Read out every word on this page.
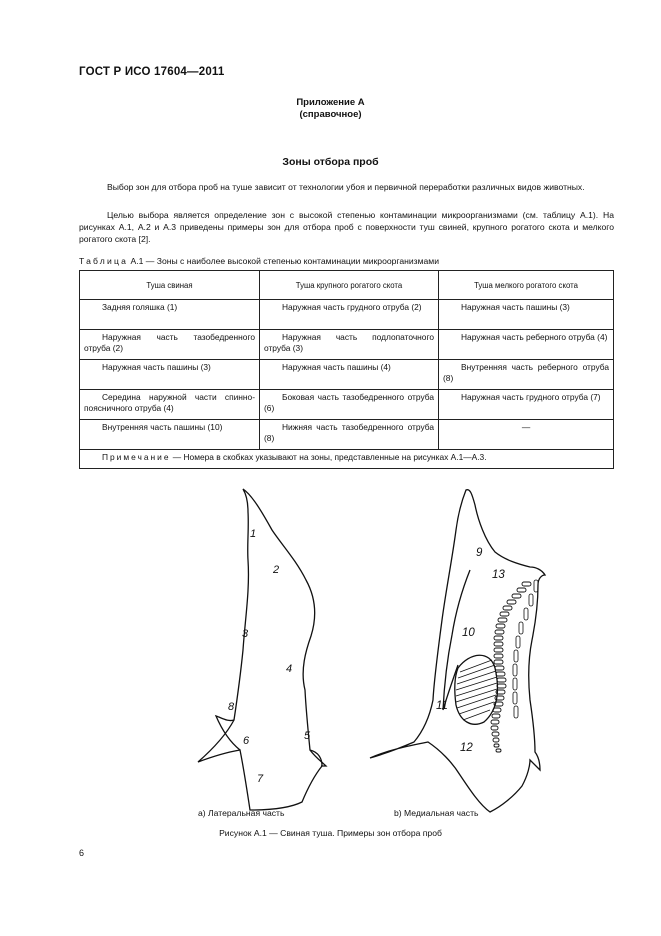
ГОСТ Р ИСО 17604—2011
Приложение А
(справочное)
Зоны отбора проб
Выбор зон для отбора проб на туше зависит от технологии убоя и первичной переработки различных видов животных.
Целью выбора является определение зон с высокой степенью контаминации микроорганизмами (см. таблицу А.1). На рисунках А.1, А.2 и А.3 приведены примеры зон для отбора проб с поверхности туш свиней, крупного рогатого скота и мелкого рогатого скота [2].
Таблица А.1 — Зоны с наиболее высокой степенью контаминации микроорганизмами
Туша свиная	Туша крупного рогатого скота	Туша мелкого рогатого скота
Задняя голяшка (1)	Наружная часть грудного отруба (2)	Наружная часть пашины (3)
Наружная часть тазобедренного отруба (2)	Наружная часть подлопаточного отруба (3)	Наружная часть реберного отруба (4)
Наружная часть пашины (3)	Наружная часть пашины (4)	Внутренняя часть реберного отруба (8)
Середина наружной части спинно-поясничного отруба (4)	Боковая часть тазобедренного отруба (6)	Наружная часть грудного отруба (7)
Внутренняя часть пашины (10)	Нижняя часть тазобедренного отруба (8)	—
Примечание — Номера в скобках указывают на зоны, представленные на рисунках А.1—А.3.		
1
2
3
4
8
6	5
7
9
13
10
11
12
а) Латеральная часть	b) Медиальная часть
Рисунок А.1 — Свиная туша. Примеры зон отбора проб
6
